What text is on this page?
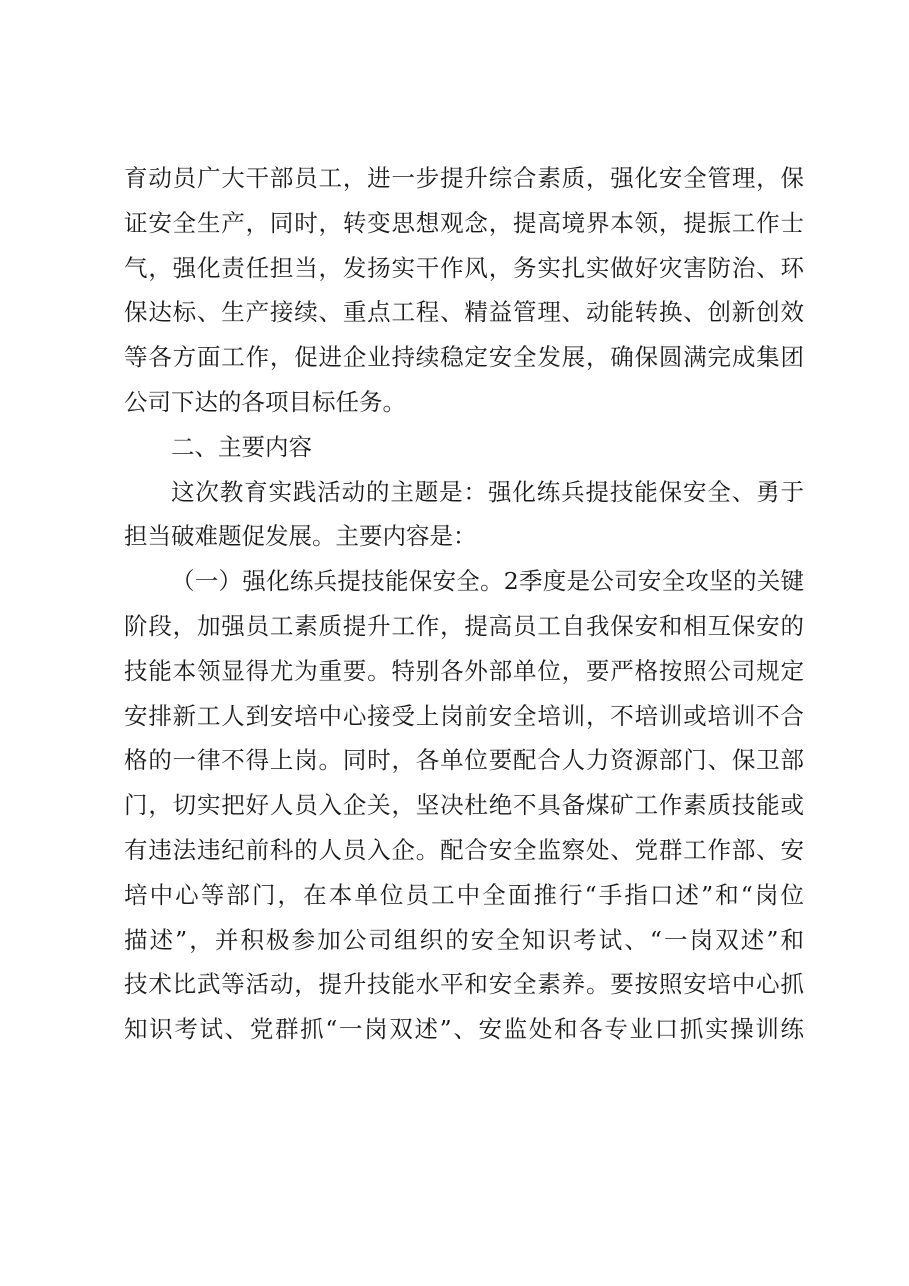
育动员广大干部员工，进一步提升综合素质，强化安全管理，保
证安全生产，同时，转变思想观念，提高境界本领，提振工作士
气，强化责任担当，发扬实干作风，务实扎实做好灾害防治、环
保达标、生产接续、重点工程、精益管理、动能转换、创新创效
等各方面工作，促进企业持续稳定安全发展，确保圆满完成集团
公司下达的各项目标任务。
二、主要内容
这次教育实践活动的主题是：强化练兵提技能保安全、勇于
担当破难题促发展。主要内容是：
（一）强化练兵提技能保安全。2季度是公司安全攻坚的关键
阶段，加强员工素质提升工作，提高员工自我保安和相互保安的
技能本领显得尤为重要。特别各外部单位，要严格按照公司规定
安排新工人到安培中心接受上岗前安全培训，不培训或培训不合
格的一律不得上岗。同时，各单位要配合人力资源部门、保卫部
门，切实把好人员入企关，坚决杜绝不具备煤矿工作素质技能或
有违法违纪前科的人员入企。配合安全监察处、党群工作部、安
培中心等部门，在本单位员工中全面推行“手指口述”和“岗位
描述”，并积极参加公司组织的安全知识考试、“一岗双述”和
技术比武等活动，提升技能水平和安全素养。要按照安培中心抓
知识考试、党群抓“一岗双述”、安监处和各专业口抓实操训练
